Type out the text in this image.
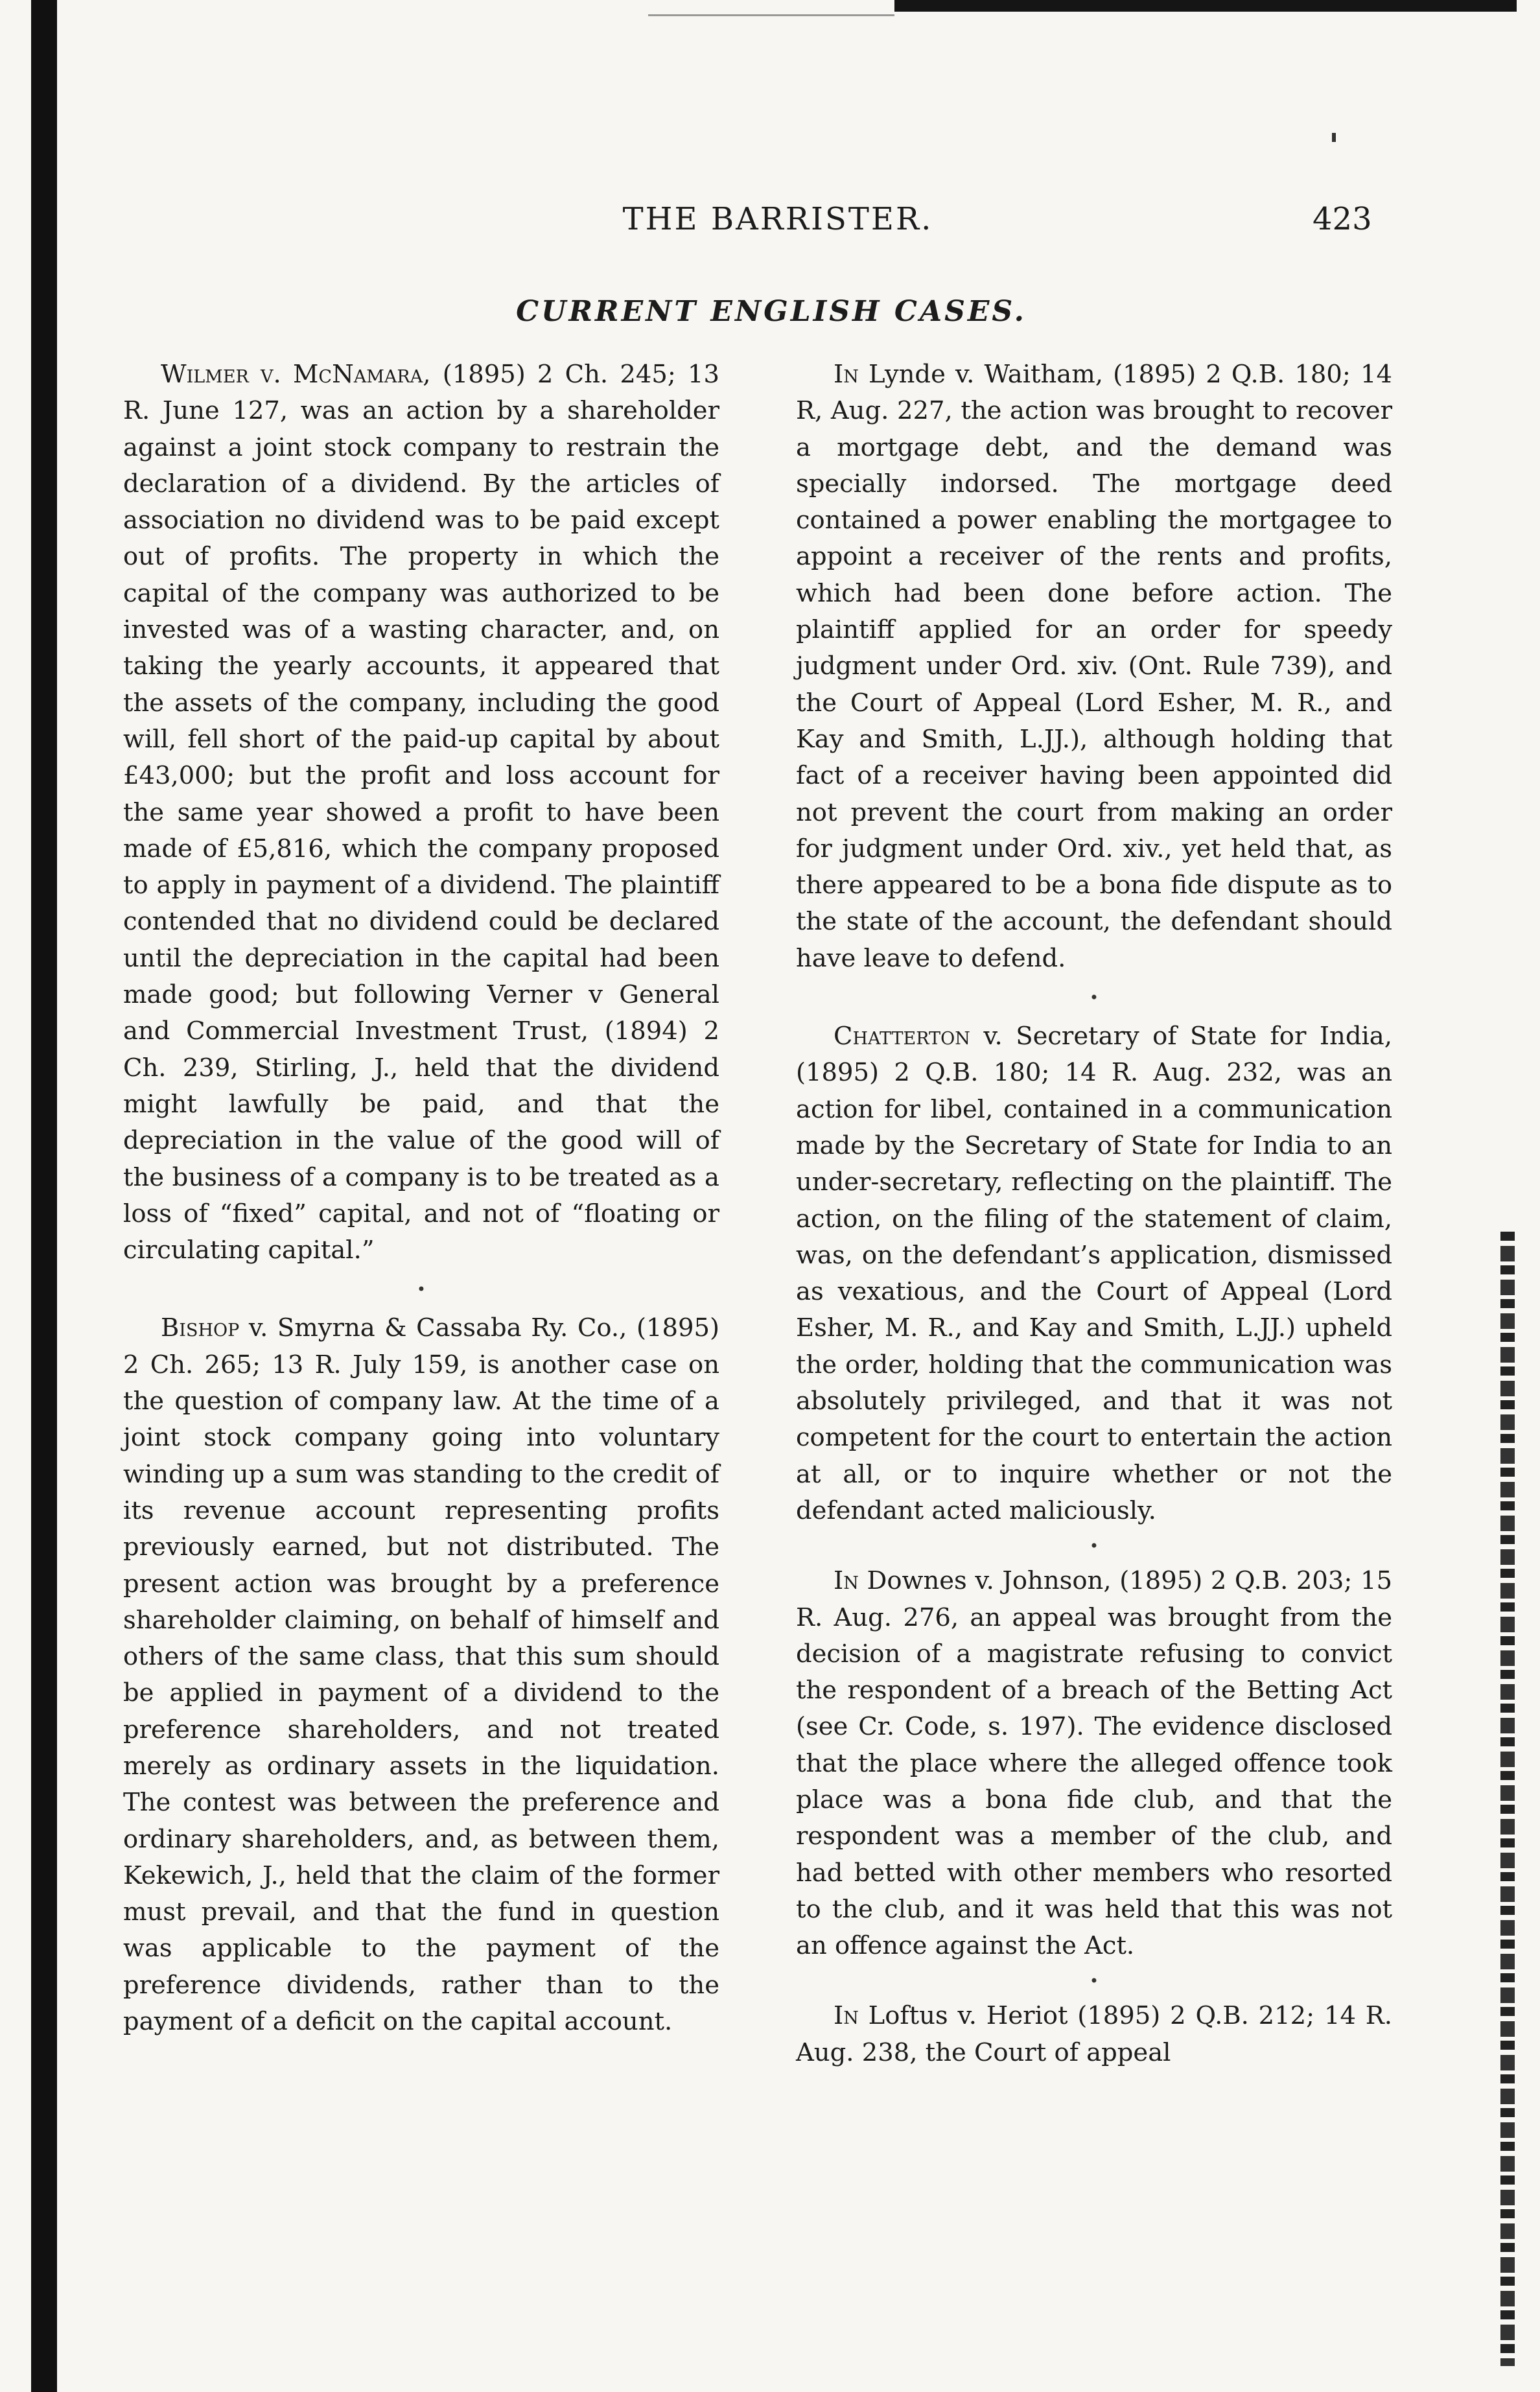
THE BARRISTER.	423
CURRENT ENGLISH CASES.

Wilmer v. McNamara, (1895) 2 Ch. 245; 13 R. June 127, was an action by a shareholder against a joint stock company to restrain the declaration of a dividend. By the articles of association no dividend was to be paid except out of profits. The property in which the capital of the company was authorized to be invested was of a wasting character, and, on taking the yearly accounts, it appeared that the assets of the company, including the good will, fell short of the paid-up capital by about £43,000; but the profit and loss account for the same year showed a profit to have been made of £5,816, which the company proposed to apply in payment of a dividend. The plaintiff contended that no dividend could be declared until the depreciation in the capital had been made good; but following Verner v General and Commercial Investment Trust, (1894) 2 Ch. 239, Stirling, J., held that the dividend might lawfully be paid, and that the depreciation in the value of the good will of the business of a company is to be treated as a loss of “fixed” capital, and not of “floating or circulating capital.”

•

Bishop v. Smyrna & Cassaba Ry. Co., (1895) 2 Ch. 265; 13 R. July 159, is another case on the question of company law. At the time of a joint stock company going into voluntary winding up a sum was standing to the credit of its revenue account representing profits previously earned, but not distributed. The present action was brought by a preference shareholder claiming, on behalf of himself and others of the same class, that this sum should be applied in payment of a dividend to the preference shareholders, and not treated merely as ordinary assets in the liquidation. The contest was between the preference and ordinary shareholders, and, as between them, Kekewich, J., held that the claim of the former must prevail, and that the fund in question was applicable to the payment of the preference dividends, rather than to the payment of a deficit on the capital account.

In Lynde v. Waitham, (1895) 2 Q.B. 180; 14 R, Aug. 227, the action was brought to recover a mortgage debt, and the demand was specially indorsed. The mortgage deed contained a power enabling the mortgagee to appoint a receiver of the rents and profits, which had been done before action. The plaintiff applied for an order for speedy judgment under Ord. xiv. (Ont. Rule 739), and the Court of Appeal (Lord Esher, M. R., and Kay and Smith, L.JJ.), although holding that fact of a receiver having been appointed did not prevent the court from making an order for judgment under Ord. xiv., yet held that, as there appeared to be a bona fide dispute as to the state of the account, the defendant should have leave to defend.

•

Chatterton v. Secretary of State for India, (1895) 2 Q.B. 180; 14 R. Aug. 232, was an action for libel, contained in a communication made by the Secretary of State for India to an under-secretary, reflecting on the plaintiff. The action, on the filing of the statement of claim, was, on the defendant’s application, dismissed as vexatious, and the Court of Appeal (Lord Esher, M. R., and Kay and Smith, L.JJ.) upheld the order, holding that the communication was absolutely privileged, and that it was not competent for the court to entertain the action at all, or to inquire whether or not the defendant acted maliciously.

•

In Downes v. Johnson, (1895) 2 Q.B. 203; 15 R. Aug. 276, an appeal was brought from the decision of a magistrate refusing to convict the respondent of a breach of the Betting Act (see Cr. Code, s. 197). The evidence disclosed that the place where the alleged offence took place was a bona fide club, and that the respondent was a member of the club, and had betted with other members who resorted to the club, and it was held that this was not an offence against the Act.

•

In Loftus v. Heriot (1895) 2 Q.B. 212; 14 R. Aug. 238, the Court of appeal
